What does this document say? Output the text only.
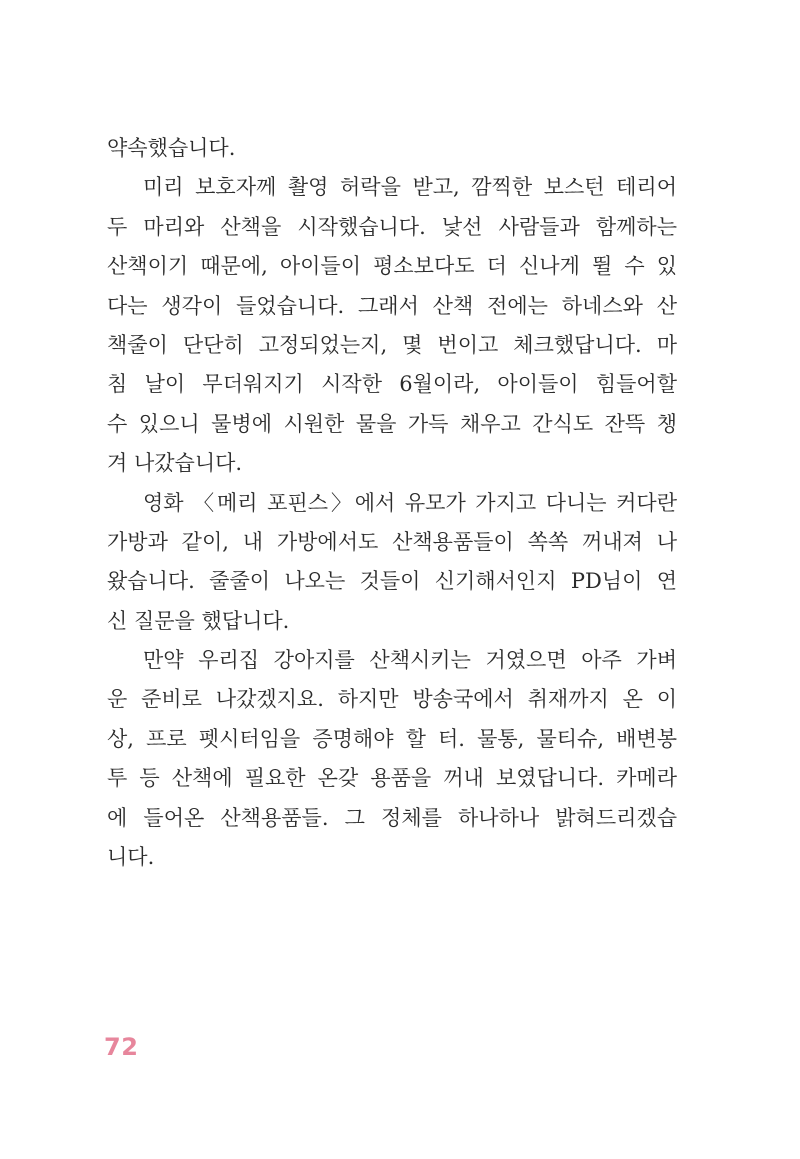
약속했습니다.
미리 보호자께 촬영 허락을 받고, 깜찍한 보스턴 테리어
두 마리와 산책을 시작했습니다. 낯선 사람들과 함께하는
산책이기 때문에, 아이들이 평소보다도 더 신나게 뛸 수 있
다는 생각이 들었습니다. 그래서 산책 전에는 하네스와 산
책줄이 단단히 고정되었는지, 몇 번이고 체크했답니다. 마
침 날이 무더워지기 시작한 6월이라, 아이들이 힘들어할
수 있으니 물병에 시원한 물을 가득 채우고 간식도 잔뜩 챙
겨 나갔습니다.
영화 〈메리 포핀스〉에서 유모가 가지고 다니는 커다란
가방과 같이, 내 가방에서도 산책용품들이 쏙쏙 꺼내져 나
왔습니다. 줄줄이 나오는 것들이 신기해서인지 PD님이 연
신 질문을 했답니다.
만약 우리집 강아지를 산책시키는 거였으면 아주 가벼
운 준비로 나갔겠지요. 하지만 방송국에서 취재까지 온 이
상, 프로 펫시터임을 증명해야 할 터. 물통, 물티슈, 배변봉
투 등 산책에 필요한 온갖 용품을 꺼내 보였답니다. 카메라
에 들어온 산책용품들. 그 정체를 하나하나 밝혀드리겠습
니다.
72
